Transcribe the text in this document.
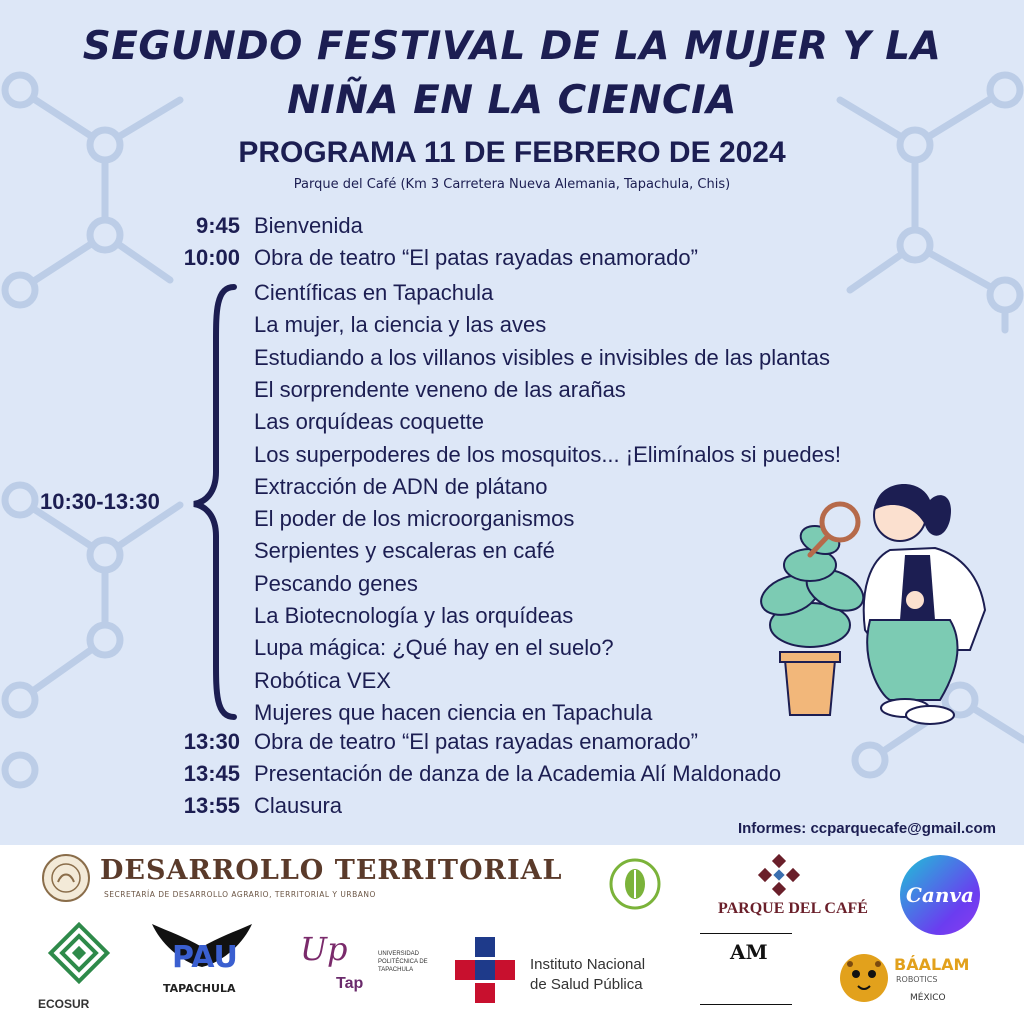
SEGUNDO FESTIVAL DE LA MUJER Y LA
NIÑA EN LA CIENCIA
PROGRAMA 11 DE FEBRERO DE 2024
Parque del Café (Km 3 Carretera Nueva Alemania, Tapachula, Chis)
9:45 Bienvenida
10:00 Obra de teatro “El patas rayadas enamorado”
10:30-13:30
Científicas en Tapachula
La mujer, la ciencia y las aves
Estudiando a los villanos visibles e invisibles de las plantas
El sorprendente veneno de las arañas
Las orquídeas coquette
Los superpoderes de los mosquitos... ¡Elimínalos si puedes!
Extracción de ADN de plátano
El poder de los microorganismos
Serpientes y escaleras en café
Pescando genes
La Biotecnología y las orquídeas
Lupa mágica: ¿Qué hay en el suelo?
Robótica VEX
Mujeres que hacen ciencia en Tapachula
13:30 Obra de teatro “El patas rayadas enamorado”
13:45 Presentación de danza de la Academia Alí Maldonado
13:55 Clausura
Informes: ccparquecafe@gmail.com
DESARROLLO TERRITORIAL
SECRETARÍA DE DESARROLLO AGRARIO, TERRITORIAL Y URBANO
PARQUE DEL CAFÉ
Canva
ECOSUR
PAU
TAPACHULA
Up
Tap
UNIVERSIDAD POLITÉCNICA DE TAPACHULA	Instituto Nacional
de Salud Pública
AM
BÁALAM
ROBOTICS
MÉXICO
